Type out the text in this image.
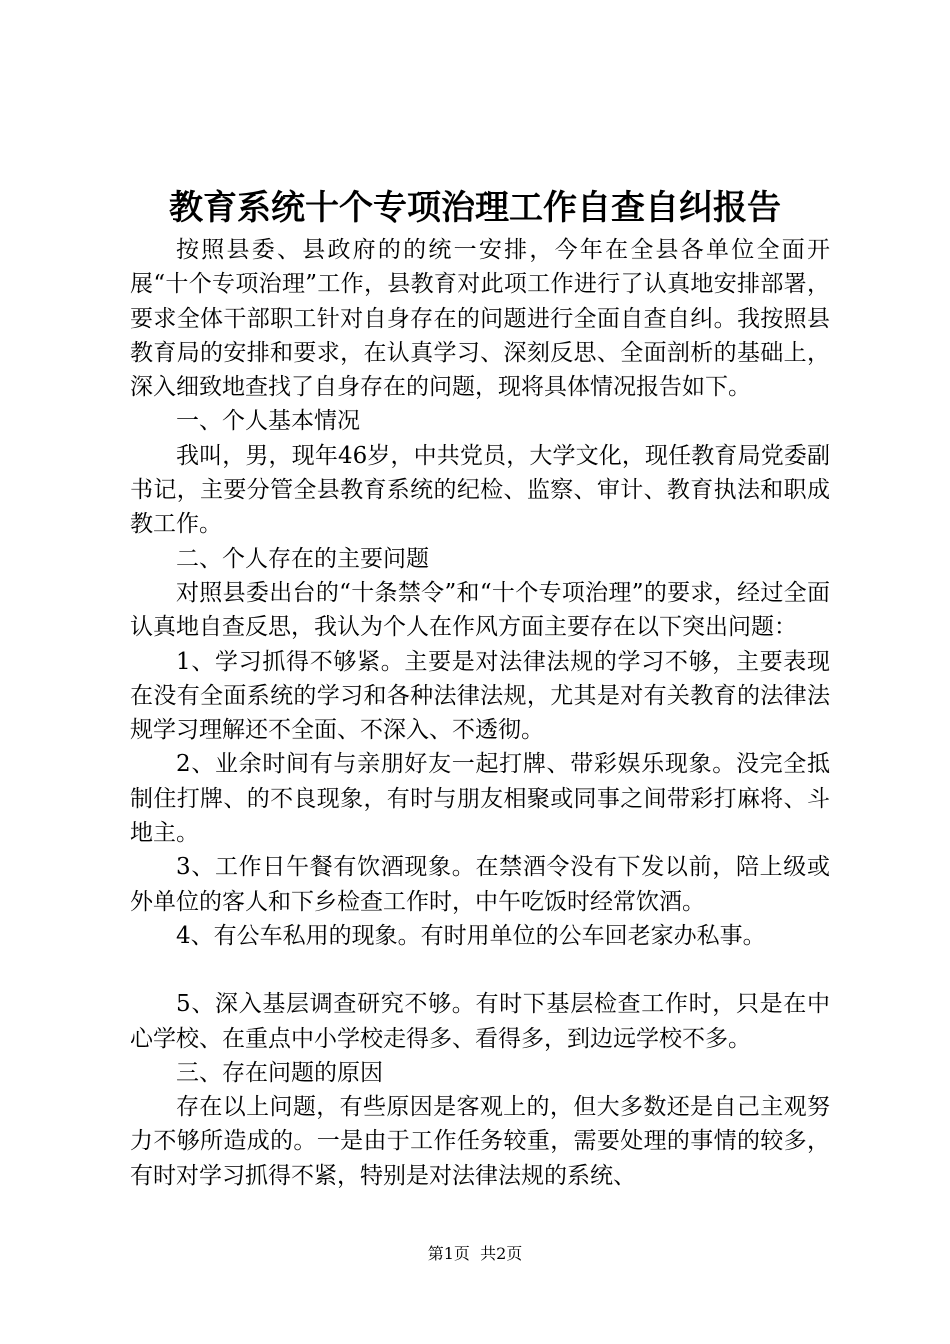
教育系统十个专项治理工作自查自纠报告

按照县委、县政府的的统一安排，今年在全县各单位全面开展“十个专项治理”工作，县教育对此项工作进行了认真地安排部署，要求全体干部职工针对自身存在的问题进行全面自查自纠。我按照县教育局的安排和要求，在认真学习、深刻反思、全面剖析的基础上，深入细致地查找了自身存在的问题，现将具体情况报告如下。

一、个人基本情况

我叫，男，现年46岁，中共党员，大学文化，现任教育局党委副书记，主要分管全县教育系统的纪检、监察、审计、教育执法和职成教工作。

二、个人存在的主要问题

对照县委出台的“十条禁令”和“十个专项治理”的要求，经过全面认真地自查反思，我认为个人在作风方面主要存在以下突出问题：

1、学习抓得不够紧。主要是对法律法规的学习不够，主要表现在没有全面系统的学习和各种法律法规，尤其是对有关教育的法律法规学习理解还不全面、不深入、不透彻。

2、业余时间有与亲朋好友一起打牌、带彩娱乐现象。没完全抵制住打牌、的不良现象，有时与朋友相聚或同事之间带彩打麻将、斗地主。

3、工作日午餐有饮酒现象。在禁酒令没有下发以前，陪上级或外单位的客人和下乡检查工作时，中午吃饭时经常饮酒。

4、有公车私用的现象。有时用单位的公车回老家办私事。

5、深入基层调查研究不够。有时下基层检查工作时，只是在中心学校、在重点中小学校走得多、看得多，到边远学校不多。

三、存在问题的原因

存在以上问题，有些原因是客观上的，但大多数还是自己主观努力不够所造成的。一是由于工作任务较重，需要处理的事情的较多，有时对学习抓得不紧，特别是对法律法规的系统、

第1页  共2页
